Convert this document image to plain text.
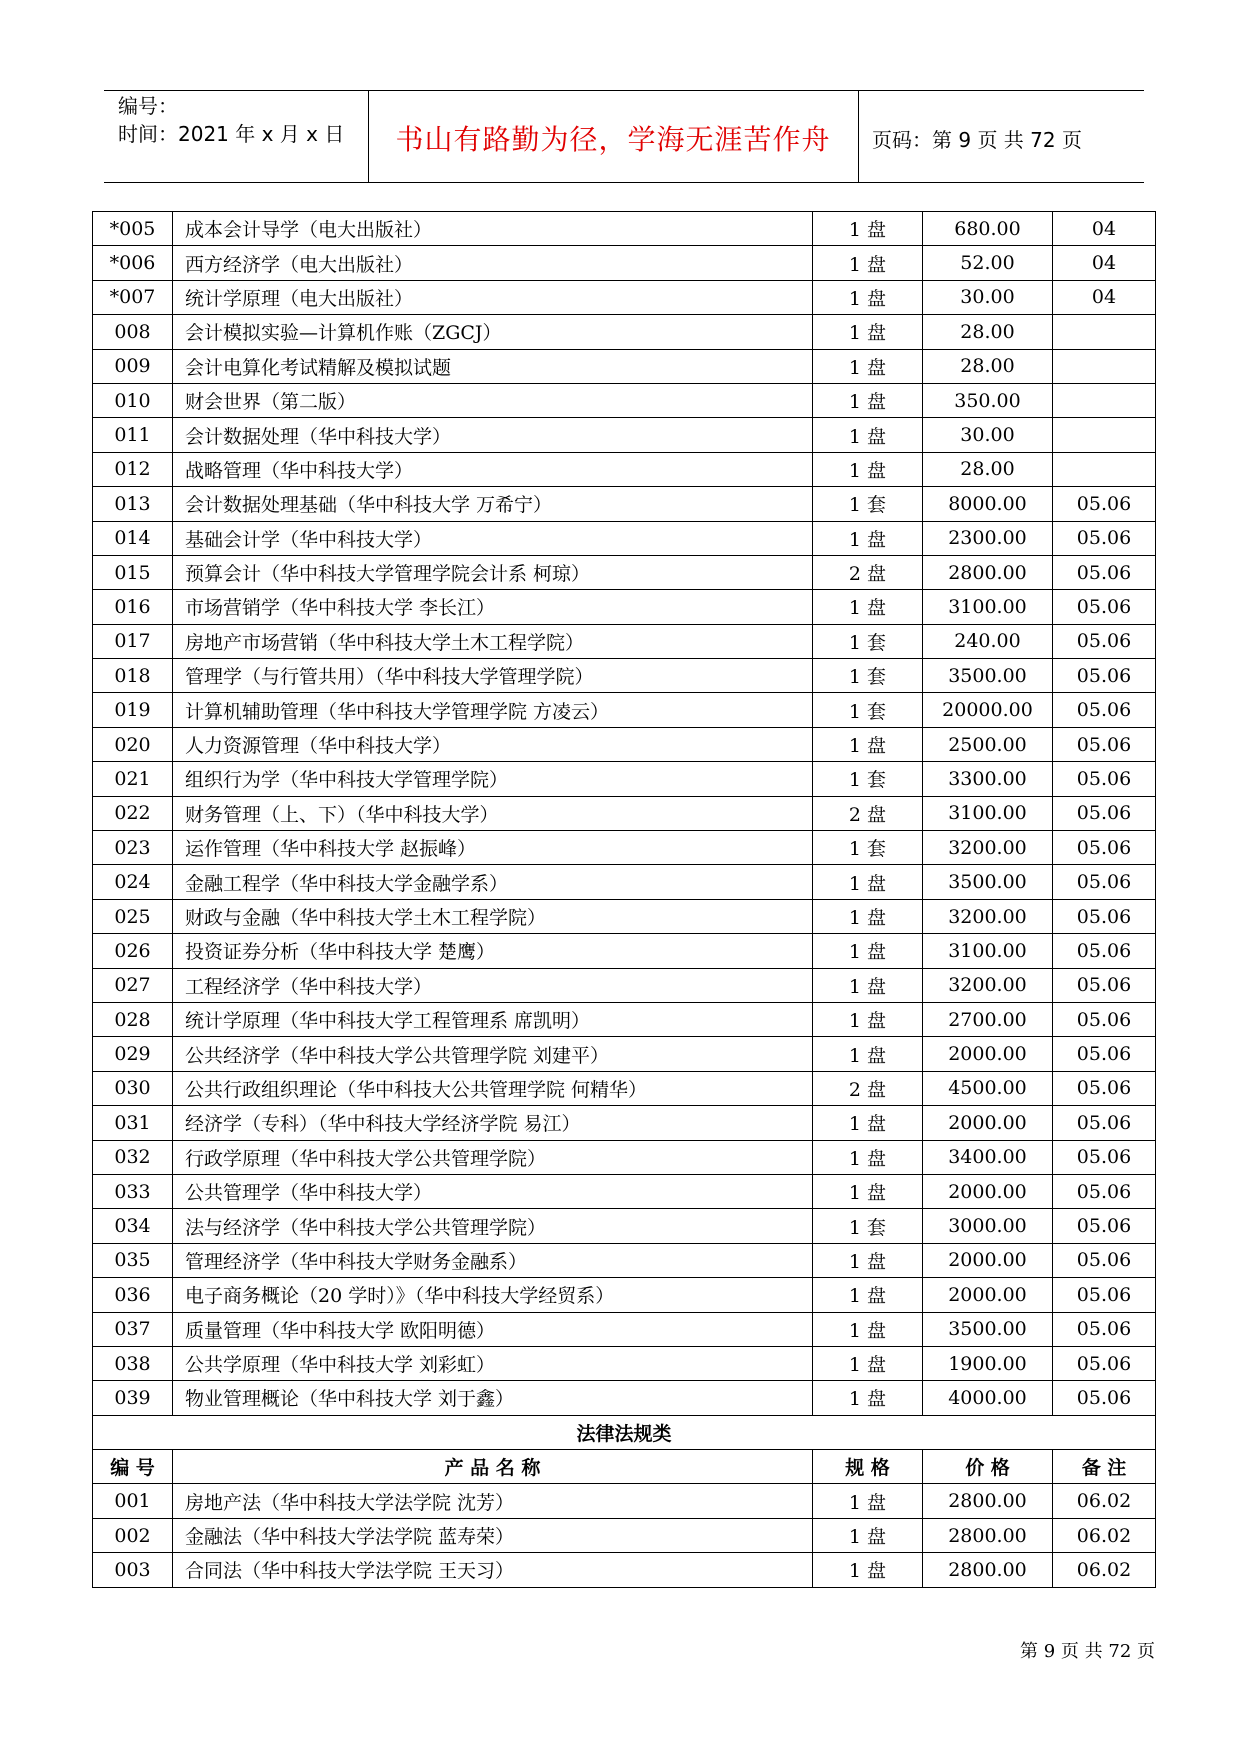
编号：
时间：2021 年 x 月 x 日	书山有路勤为径，学海无涯苦作舟	页码：第 9 页 共 72 页
*005	成本会计导学（电大出版社）	1 盘	680.00	04
*006	西方经济学（电大出版社）	1 盘	52.00	04
*007	统计学原理（电大出版社）	1 盘	30.00	04
008	会计模拟实验—计算机作账（ZGCJ）	1 盘	28.00	
009	会计电算化考试精解及模拟试题	1 盘	28.00	
010	财会世界（第二版）	1 盘	350.00	
011	会计数据处理（华中科技大学）	1 盘	30.00	
012	战略管理（华中科技大学）	1 盘	28.00	
013	会计数据处理基础（华中科技大学 万希宁）	1 套	8000.00	05.06
014	基础会计学（华中科技大学）	1 盘	2300.00	05.06
015	预算会计（华中科技大学管理学院会计系 柯琼）	2 盘	2800.00	05.06
016	市场营销学（华中科技大学 李长江）	1 盘	3100.00	05.06
017	房地产市场营销（华中科技大学土木工程学院）	1 套	240.00	05.06
018	管理学（与行管共用）（华中科技大学管理学院）	1 套	3500.00	05.06
019	计算机辅助管理（华中科技大学管理学院 方凌云）	1 套	20000.00	05.06
020	人力资源管理（华中科技大学）	1 盘	2500.00	05.06
021	组织行为学（华中科技大学管理学院）	1 套	3300.00	05.06
022	财务管理（上、下）（华中科技大学）	2 盘	3100.00	05.06
023	运作管理（华中科技大学 赵振峰）	1 套	3200.00	05.06
024	金融工程学（华中科技大学金融学系）	1 盘	3500.00	05.06
025	财政与金融（华中科技大学土木工程学院）	1 盘	3200.00	05.06
026	投资证券分析（华中科技大学 楚鹰）	1 盘	3100.00	05.06
027	工程经济学（华中科技大学）	1 盘	3200.00	05.06
028	统计学原理（华中科技大学工程管理系 席凯明）	1 盘	2700.00	05.06
029	公共经济学（华中科技大学公共管理学院 刘建平）	1 盘	2000.00	05.06
030	公共行政组织理论（华中科技大公共管理学院 何精华）	2 盘	4500.00	05.06
031	经济学（专科）（华中科技大学经济学院 易江）	1 盘	2000.00	05.06
032	行政学原理（华中科技大学公共管理学院）	1 盘	3400.00	05.06
033	公共管理学（华中科技大学）	1 盘	2000.00	05.06
034	法与经济学（华中科技大学公共管理学院）	1 套	3000.00	05.06
035	管理经济学（华中科技大学财务金融系）	1 盘	2000.00	05.06
036	电子商务概论（20 学时）》（华中科技大学经贸系）	1 盘	2000.00	05.06
037	质量管理（华中科技大学 欧阳明德）	1 盘	3500.00	05.06
038	公共学原理（华中科技大学 刘彩虹）	1 盘	1900.00	05.06
039	物业管理概论（华中科技大学 刘于鑫）	1 盘	4000.00	05.06
法律法规类				
编 号	产 品 名 称	规 格	价 格	备 注
001	房地产法（华中科技大学法学院 沈芳）	1 盘	2800.00	06.02
002	金融法（华中科技大学法学院 蓝寿荣）	1 盘	2800.00	06.02
003	合同法（华中科技大学法学院 王天习）	1 盘	2800.00	06.02
第 9 页 共 72 页
